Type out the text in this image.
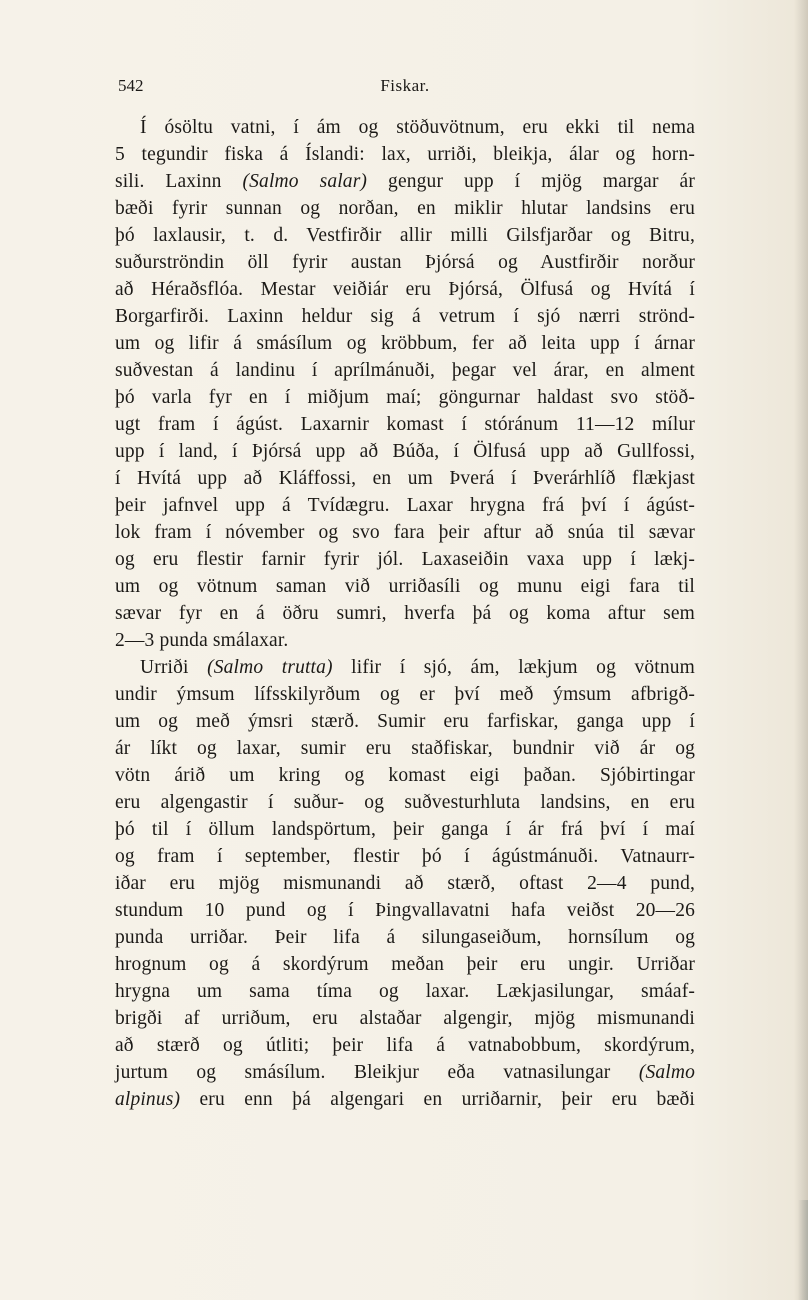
542	Fiskar.
Í ósöltu vatni, í ám og stöðuvötnum, eru ekki til nema
5 tegundir fiska á Íslandi: lax, urriði, bleikja, álar og horn-
sili. Laxinn (Salmo salar) gengur upp í mjög margar ár
bæði fyrir sunnan og norðan, en miklir hlutar landsins eru
þó laxlausir, t. d. Vestfirðir allir milli Gilsfjarðar og Bitru,
suðurströndin öll fyrir austan Þjórsá og Austfirðir norður
að Héraðsflóa. Mestar veiðiár eru Þjórsá, Ölfusá og Hvítá í
Borgarfirði. Laxinn heldur sig á vetrum í sjó nærri strönd-
um og lifir á smásílum og kröbbum, fer að leita upp í árnar
suðvestan á landinu í aprílmánuði, þegar vel árar, en alment
þó varla fyr en í miðjum maí; göngurnar haldast svo stöð-
ugt fram í ágúst. Laxarnir komast í stóránum 11—12 mílur
upp í land, í Þjórsá upp að Búða, í Ölfusá upp að Gullfossi,
í Hvítá upp að Kláffossi, en um Þverá í Þverárhlíð flækjast
þeir jafnvel upp á Tvídægru. Laxar hrygna frá því í ágúst-
lok fram í nóvember og svo fara þeir aftur að snúa til sævar
og eru flestir farnir fyrir jól. Laxaseiðin vaxa upp í lækj-
um og vötnum saman við urriðasíli og munu eigi fara til
sævar fyr en á öðru sumri, hverfa þá og koma aftur sem
2—3 punda smálaxar.
Urriði (Salmo trutta) lifir í sjó, ám, lækjum og vötnum
undir ýmsum lífsskilyrðum og er því með ýmsum afbrigð-
um og með ýmsri stærð. Sumir eru farfiskar, ganga upp í
ár líkt og laxar, sumir eru staðfiskar, bundnir við ár og
vötn árið um kring og komast eigi þaðan. Sjóbirtingar
eru algengastir í suður- og suðvesturhluta landsins, en eru
þó til í öllum landspörtum, þeir ganga í ár frá því í maí
og fram í september, flestir þó í ágústmánuði. Vatnaurr-
iðar eru mjög mismunandi að stærð, oftast 2—4 pund,
stundum 10 pund og í Þingvallavatni hafa veiðst 20—26
punda urriðar. Þeir lifa á silungaseiðum, hornsílum og
hrognum og á skordýrum meðan þeir eru ungir. Urriðar
hrygna um sama tíma og laxar. Lækjasilungar, smáaf-
brigði af urriðum, eru alstaðar algengir, mjög mismunandi
að stærð og útliti; þeir lifa á vatnabobbum, skordýrum,
jurtum og smásílum. Bleikjur eða vatnasilungar (Salmo
alpinus) eru enn þá algengari en urriðarnir, þeir eru bæði
